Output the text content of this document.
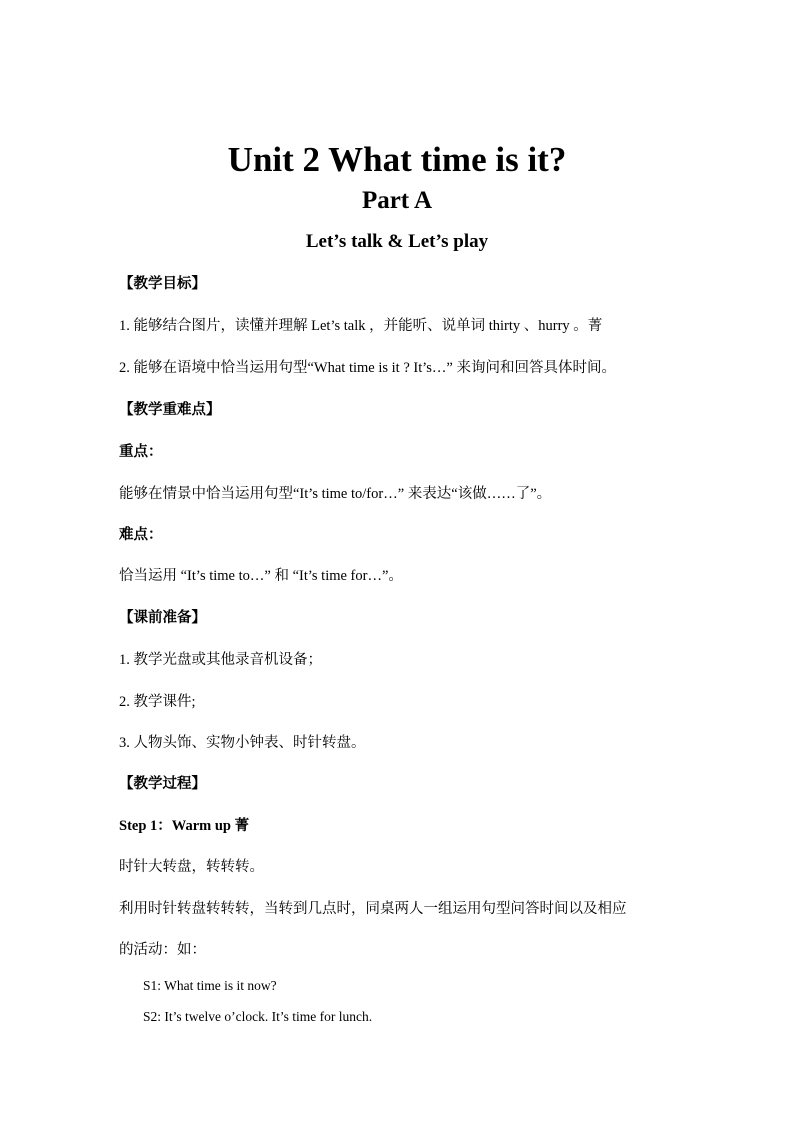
Unit 2 What time is it?
Part A
Let’s talk & Let’s play
【教学目标】
1. 能够结合图片，读懂并理解 Let’s talk ，并能听、说单词 thirty 、hurry 。菁
2. 能够在语境中恰当运用句型“What time is it ? It’s…” 来询问和回答具体时间。
【教学重难点】
重点：
能够在情景中恰当运用句型“It’s time to/for…” 来表达“该做……了”。
难点：
恰当运用 “It’s time to…” 和 “It’s time for…”。
【课前准备】
1. 教学光盘或其他录音机设备；
2. 教学课件;
3. 人物头饰、实物小钟表、时针转盘。
【教学过程】
Step 1：Warm up 菁
时针大转盘，转转转。
利用时针转盘转转转，当转到几点时，同桌两人一组运用句型问答时间以及相应
的活动：如：
S1: What time is it now?
S2: It’s twelve o’clock. It’s time for lunch.
